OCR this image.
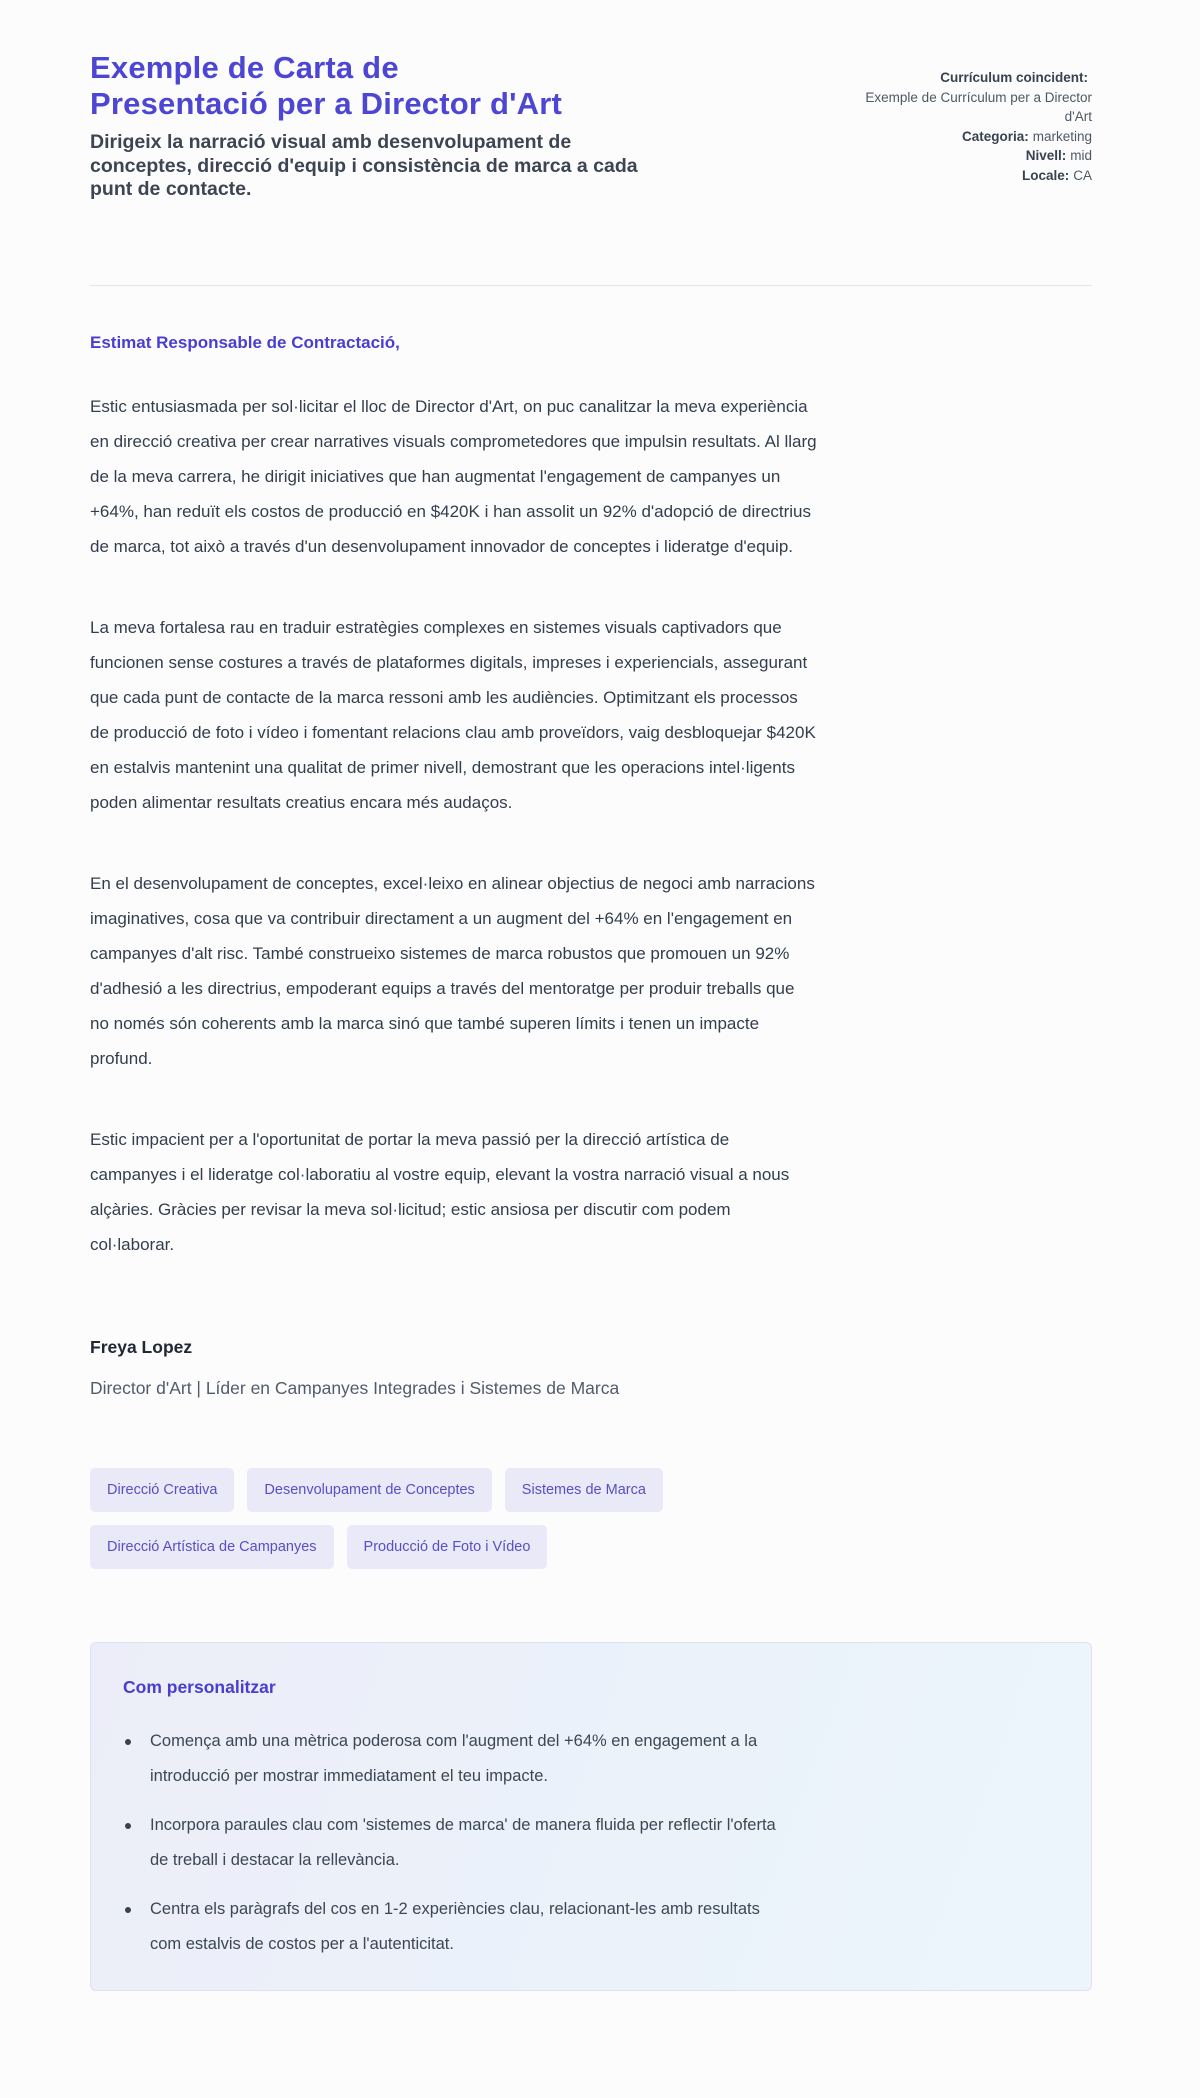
Exemple de Carta de
Presentació per a Director d'Art

Dirigeix la narració visual amb desenvolupament de conceptes, direcció d'equip i consistència de marca a cada punt de contacte.

Currículum coincident:
Exemple de Currículum per a Director d'Art
Categoria: marketing
Nivell: mid
Locale: CA

Estimat Responsable de Contractació,

Estic entusiasmada per sol·licitar el lloc de Director d'Art, on puc canalitzar la meva experiència en direcció creativa per crear narratives visuals comprometedores que impulsin resultats. Al llarg de la meva carrera, he dirigit iniciatives que han augmentat l'engagement de campanyes un +64%, han reduït els costos de producció en $420K i han assolit un 92% d'adopció de directrius de marca, tot això a través d'un desenvolupament innovador de conceptes i lideratge d'equip.

La meva fortalesa rau en traduir estratègies complexes en sistemes visuals captivadors que funcionen sense costures a través de plataformes digitals, impreses i experiencials, assegurant que cada punt de contacte de la marca ressoni amb les audiències. Optimitzant els processos de producció de foto i vídeo i fomentant relacions clau amb proveïdors, vaig desbloquejar $420K en estalvis mantenint una qualitat de primer nivell, demostrant que les operacions intel·ligents poden alimentar resultats creatius encara més audaços.

En el desenvolupament de conceptes, excel·leixo en alinear objectius de negoci amb narracions imaginatives, cosa que va contribuir directament a un augment del +64% en l'engagement en campanyes d'alt risc. També construeixo sistemes de marca robustos que promouen un 92% d'adhesió a les directrius, empoderant equips a través del mentoratge per produir treballs que no només són coherents amb la marca sinó que també superen límits i tenen un impacte profund.

Estic impacient per a l'oportunitat de portar la meva passió per la direcció artística de campanyes i el lideratge col·laboratiu al vostre equip, elevant la vostra narració visual a nous alçàries. Gràcies per revisar la meva sol·licitud; estic ansiosa per discutir com podem col·laborar.

Freya Lopez

Director d'Art | Líder en Campanyes Integrades i Sistemes de Marca

Direcció Creativa	Desenvolupament de Conceptes	Sistemes de Marca
Direcció Artística de Campanyes	Producció de Foto i Vídeo
Com personalitzar
Comença amb una mètrica poderosa com l'augment del +64% en engagement a la introducció per mostrar immediatament el teu impacte.
Incorpora paraules clau com 'sistemes de marca' de manera fluida per reflectir l'oferta de treball i destacar la rellevància.
Centra els paràgrafs del cos en 1-2 experiències clau, relacionant-les amb resultats com estalvis de costos per a l'autenticitat.
